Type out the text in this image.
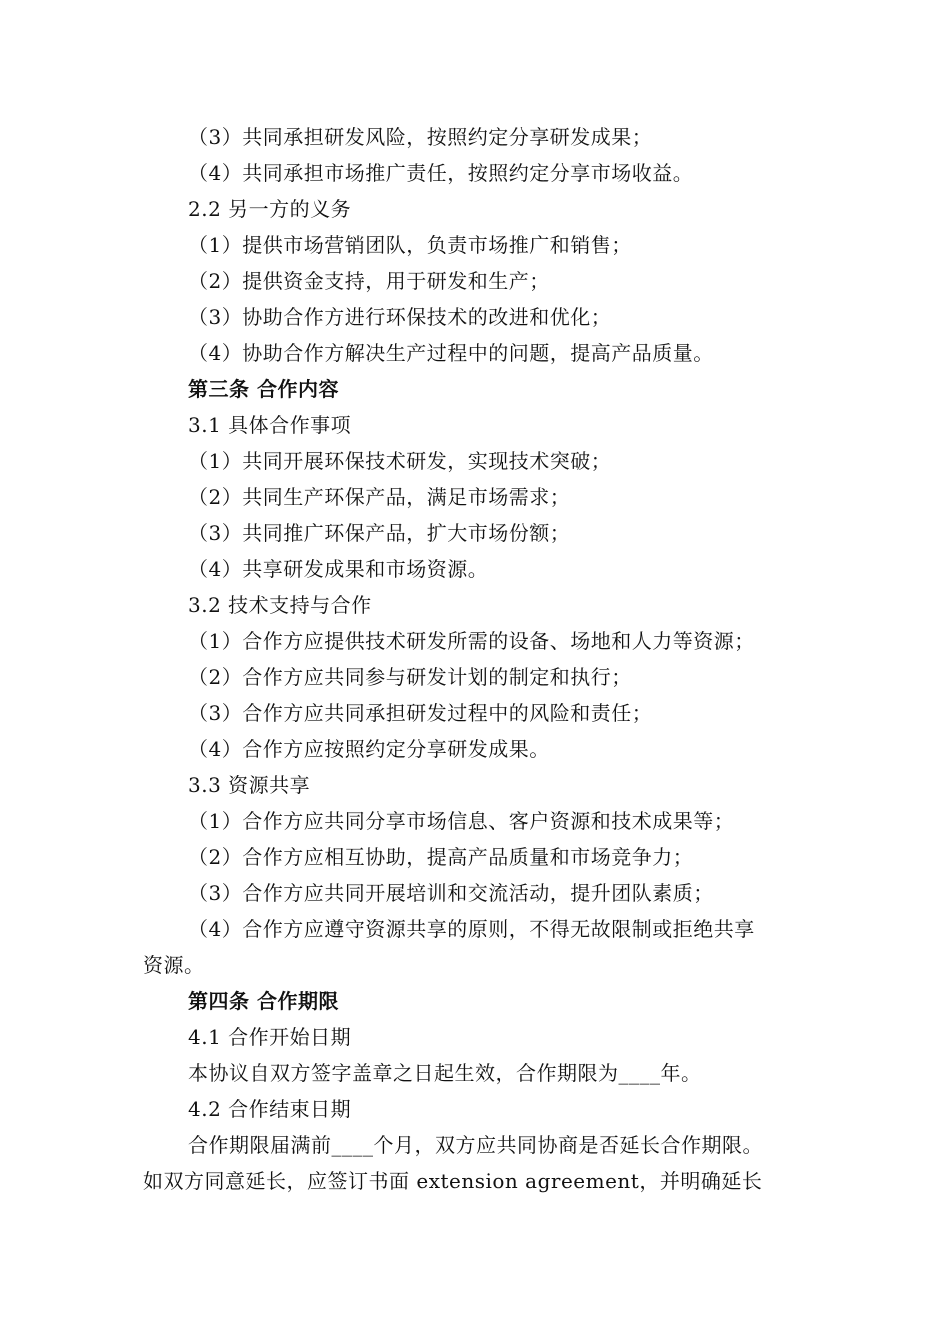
（3）共同承担研发风险，按照约定分享研发成果；
（4）共同承担市场推广责任，按照约定分享市场收益。
2.2 另一方的义务
（1）提供市场营销团队，负责市场推广和销售；
（2）提供资金支持，用于研发和生产；
（3）协助合作方进行环保技术的改进和优化；
（4）协助合作方解决生产过程中的问题，提高产品质量。
第三条 合作内容
3.1 具体合作事项
（1）共同开展环保技术研发，实现技术突破；
（2）共同生产环保产品，满足市场需求；
（3）共同推广环保产品，扩大市场份额；
（4）共享研发成果和市场资源。
3.2 技术支持与合作
（1）合作方应提供技术研发所需的设备、场地和人力等资源；
（2）合作方应共同参与研发计划的制定和执行；
（3）合作方应共同承担研发过程中的风险和责任；
（4）合作方应按照约定分享研发成果。
3.3 资源共享
（1）合作方应共同分享市场信息、客户资源和技术成果等；
（2）合作方应相互协助，提高产品质量和市场竞争力；
（3）合作方应共同开展培训和交流活动，提升团队素质；
（4）合作方应遵守资源共享的原则，不得无故限制或拒绝共享
资源。
第四条 合作期限
4.1 合作开始日期
本协议自双方签字盖章之日起生效，合作期限为____年。
4.2 合作结束日期
合作期限届满前____个月，双方应共同协商是否延长合作期限。
如双方同意延长，应签订书面 extension agreement，并明确延长
